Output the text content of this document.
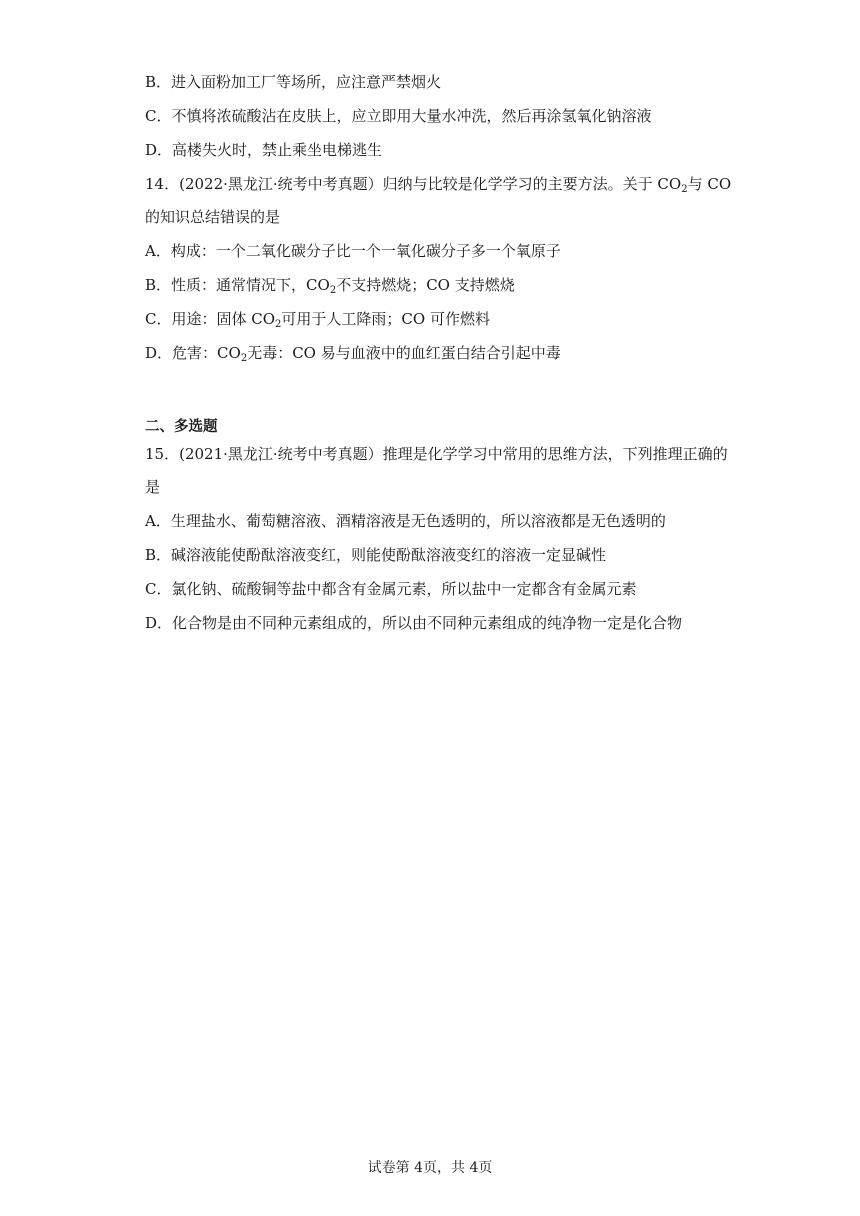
B．进入面粉加工厂等场所，应注意严禁烟火
C．不慎将浓硫酸沾在皮肤上，应立即用大量水冲洗，然后再涂氢氧化钠溶液
D．高楼失火时，禁止乘坐电梯逃生
14．(2022·黑龙江·统考中考真题）归纳与比较是化学学习的主要方法。关于 $CO_2$与 CO
的知识总结错误的是
A．构成：一个二氧化碳分子比一个一氧化碳分子多一个氧原子
B．性质：通常情况下，$CO_2$不支持燃烧；CO 支持燃烧
C．用途：固体 $CO_2$可用于人工降雨；CO 可作燃料
D．危害：$CO_2$无毒：CO 易与血液中的血红蛋白结合引起中毒
二、多选题
15．(2021·黑龙江·统考中考真题）推理是化学学习中常用的思维方法，下列推理正确的
是
A．生理盐水、葡萄糖溶液、酒精溶液是无色透明的，所以溶液都是无色透明的
B．碱溶液能使酚酞溶液变红，则能使酚酞溶液变红的溶液一定显碱性
C．氯化钠、硫酸铜等盐中都含有金属元素，所以盐中一定都含有金属元素
D．化合物是由不同种元素组成的，所以由不同种元素组成的纯净物一定是化合物
试卷第 4页，共 4页
